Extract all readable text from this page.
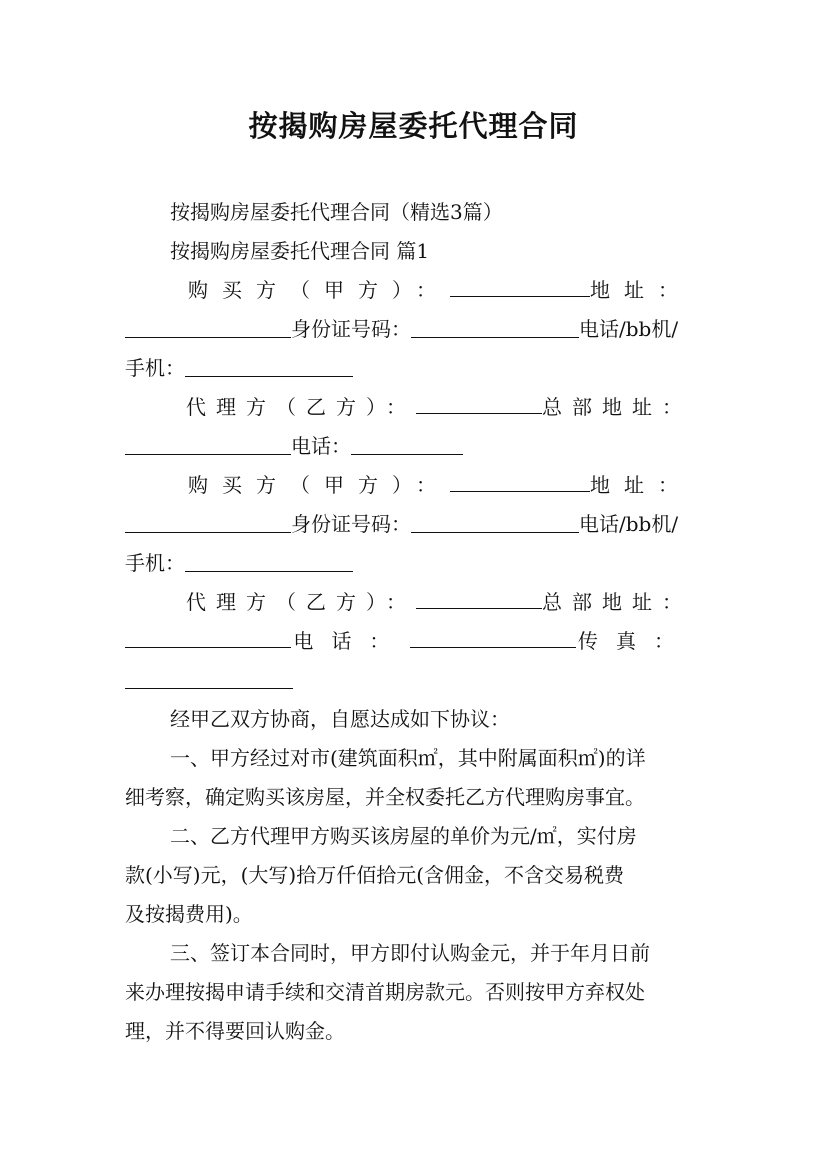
按揭购房屋委托代理合同
按揭购房屋委托代理合同（精选3篇）
按揭购房屋委托代理合同 篇1
购买方（甲方）：	地址：
身份证号码：	电话/bb机/
手机：
代理方（乙方）：	总部地址：
电话：
购买方（甲方）：	地址：
身份证号码：	电话/bb机/
手机：
代理方（乙方）：	总部地址：
电话：	传真：
经甲乙双方协商，自愿达成如下协议：
一、甲方经过对市(建筑面积㎡，其中附属面积㎡)的详
细考察，确定购买该房屋，并全权委托乙方代理购房事宜。
二、乙方代理甲方购买该房屋的单价为元/㎡，实付房
款(小写)元，(大写)拾万仟佰拾元(含佣金，不含交易税费
及按揭费用)。
三、签订本合同时，甲方即付认购金元，并于年月日前
来办理按揭申请手续和交清首期房款元。否则按甲方弃权处
理，并不得要回认购金。
